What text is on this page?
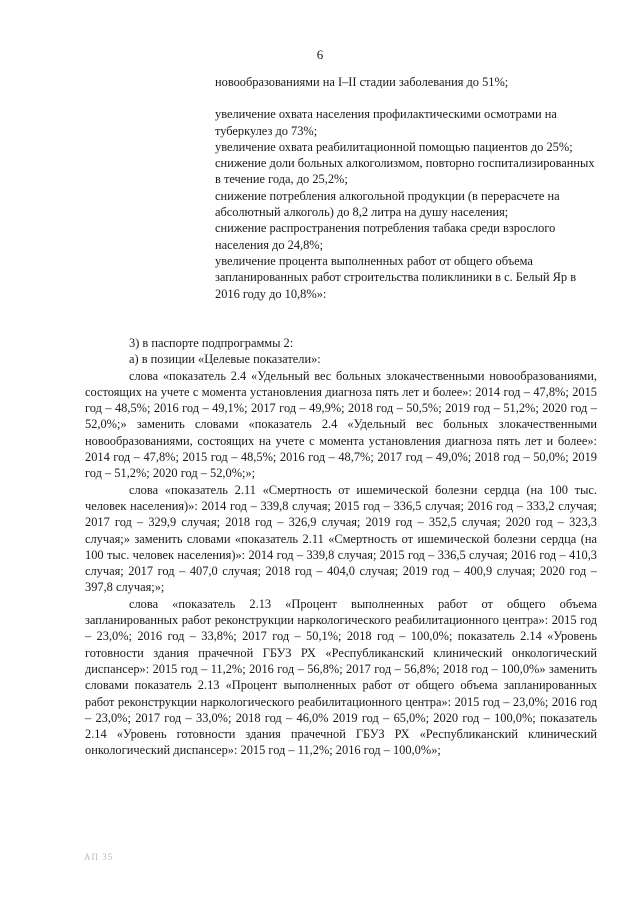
6

новообразованиями на I–II стадии заболевания до 51%;

увеличение охвата населения профилактическими осмотрами на туберкулез до 73%;

увеличение охвата реабилитационной помощью пациентов до 25%;

снижение доли больных алкоголизмом, повторно госпитализированных в течение года, до 25,2%;

снижение потребления алкогольной продукции (в перерасчете на абсолютный алкоголь) до 8,2 литра на душу населения;

снижение распространения потребления табака среди взрослого населения до 24,8%;

увеличение процента выполненных работ от общего объема запланированных работ строительства поликлиники в с. Белый Яр в 2016 году до 10,8%»:

3) в паспорте подпрограммы 2:

а) в позиции «Целевые показатели»:

слова «показатель 2.4 «Удельный вес больных злокачественными новообразованиями, состоящих на учете с момента установления диагноза пять лет и более»: 2014 год – 47,8%; 2015 год – 48,5%; 2016 год – 49,1%; 2017 год – 49,9%; 2018 год – 50,5%; 2019 год – 51,2%; 2020 год – 52,0%;» заменить словами «показатель 2.4 «Удельный вес больных злокачественными новообразованиями, состоящих на учете с момента установления диагноза пять лет и более»: 2014 год – 47,8%; 2015 год – 48,5%; 2016 год – 48,7%; 2017 год – 49,0%; 2018 год – 50,0%; 2019 год – 51,2%; 2020 год – 52,0%;»;

слова «показатель 2.11 «Смертность от ишемической болезни сердца (на 100 тыс. человек населения)»: 2014 год – 339,8 случая; 2015 год – 336,5 случая; 2016 год – 333,2 случая; 2017 год – 329,9 случая; 2018 год – 326,9 случая; 2019 год – 352,5 случая; 2020 год – 323,3 случая;» заменить словами «показатель 2.11 «Смертность от ишемической болезни сердца (на 100 тыс. человек населения)»: 2014 год – 339,8 случая; 2015 год – 336,5 случая; 2016 год – 410,3 случая; 2017 год – 407,0 случая; 2018 год – 404,0 случая; 2019 год – 400,9 случая; 2020 год – 397,8 случая;»;

слова «показатель 2.13 «Процент выполненных работ от общего объема запланированных работ реконструкции наркологического реабилитационного центра»: 2015 год – 23,0%; 2016 год – 33,8%; 2017 год – 50,1%; 2018 год – 100,0%; показатель 2.14 «Уровень готовности здания прачечной ГБУЗ РХ «Республиканский клинический онкологический диспансер»: 2015 год – 11,2%; 2016 год – 56,8%; 2017 год – 56,8%; 2018 год – 100,0%» заменить словами показатель 2.13 «Процент выполненных работ от общего объема запланированных работ реконструкции наркологического реабилитационного центра»: 2015 год – 23,0%; 2016 год – 23,0%; 2017 год – 33,0%; 2018 год – 46,0% 2019 год – 65,0%; 2020 год – 100,0%; показатель 2.14 «Уровень готовности здания прачечной ГБУЗ РХ «Республиканский клинический онкологический диспансер»: 2015 год – 11,2%; 2016 год – 100,0%»;

АП 35
